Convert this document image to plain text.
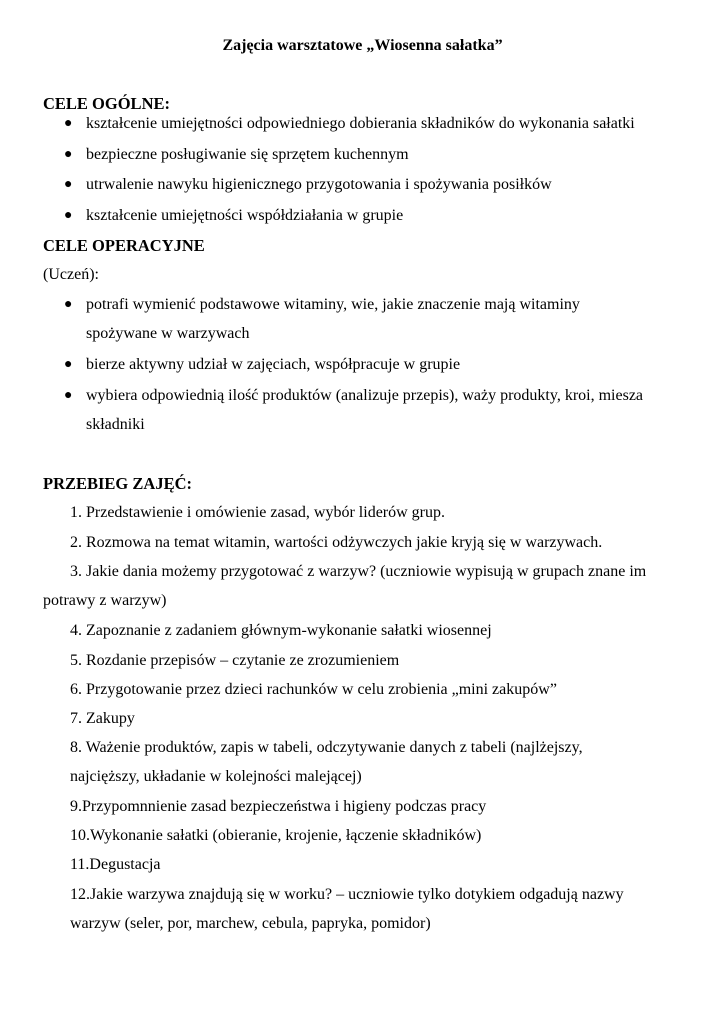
Zajęcia warsztatowe „Wiosenna sałatka”
CELE OGÓLNE:
● kształcenie umiejętności odpowiedniego dobierania składników do wykonania sałatki
● bezpieczne posługiwanie się sprzętem kuchennym
● utrwalenie nawyku higienicznego przygotowania i spożywania posiłków
● kształcenie umiejętności współdziałania w grupie
CELE OPERACYJNE
(Uczeń):
● potrafi wymienić podstawowe witaminy, wie, jakie znaczenie mają witaminy
spożywane w warzywach
● bierze aktywny udział w zajęciach, współpracuje w grupie
● wybiera odpowiednią ilość produktów (analizuje przepis), waży produkty, kroi, miesza
składniki
PRZEBIEG ZAJĘĆ:
1. Przedstawienie i omówienie zasad, wybór liderów grup.
2. Rozmowa na temat witamin, wartości odżywczych jakie kryją się w warzywach.
3. Jakie dania możemy przygotować z warzyw? (uczniowie wypisują w grupach znane im
potrawy z warzyw)
4. Zapoznanie z zadaniem głównym-wykonanie sałatki wiosennej
5. Rozdanie przepisów – czytanie ze zrozumieniem
6. Przygotowanie przez dzieci rachunków w celu zrobienia „mini zakupów”
7. Zakupy
8. Ważenie produktów, zapis w tabeli, odczytywanie danych z tabeli (najlżejszy,
najcięższy, układanie w kolejności malejącej)
9.Przypomnnienie zasad bezpieczeństwa i higieny podczas pracy
10.Wykonanie sałatki (obieranie, krojenie, łączenie składników)
11.Degustacja
12.Jakie warzywa znajdują się w worku? – uczniowie tylko dotykiem odgadują nazwy
warzyw (seler, por, marchew, cebula, papryka, pomidor)
